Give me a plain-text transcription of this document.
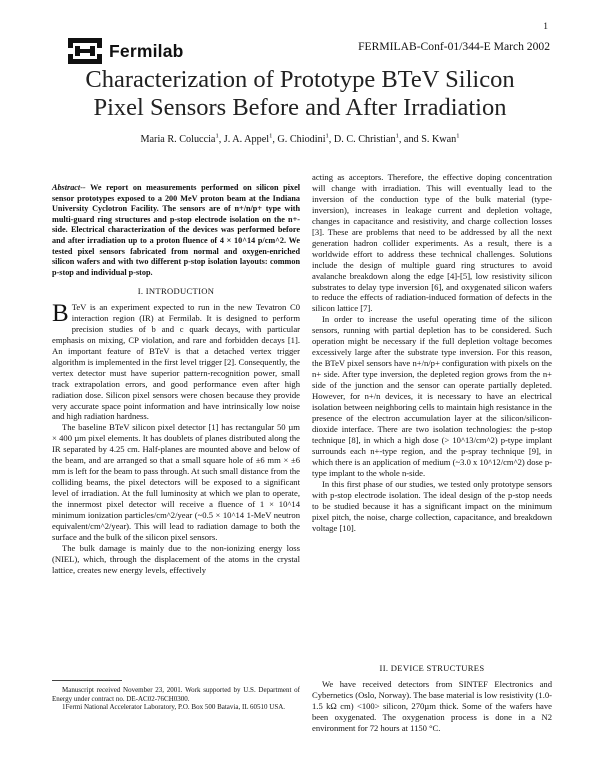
1
Fermilab	FERMILAB-Conf-01/344-E March 2002
Characterization of Prototype BTeV Silicon
Pixel Sensors Before and After Irradiation
Maria R. Coluccia$^1$, J. A. Appel$^1$, G. Chiodini$^1$, D. C. Christian$^1$, and S. Kwan$^1$

Abstract-- We report on measurements performed on silicon pixel sensor prototypes exposed to a 200 MeV proton beam at the Indiana University Cyclotron Facility. The sensors are of n+/n/p+ type with multi-guard ring structures and p-stop electrode isolation on the n+-side. Electrical characterization of the devices was performed before and after irradiation up to a proton fluence of 4 × 10^14 p/cm^2. We tested pixel sensors fabricated from normal and oxygen-enriched silicon wafers and with two different p-stop isolation layouts: common p-stop and individual p-stop.

I. INTRODUCTION

B TeV is an experiment expected to run in the new Tevatron C0 interaction region (IR) at Fermilab. It is designed to perform precision studies of b and c quark decays, with particular emphasis on mixing, CP violation, and rare and forbidden decays [1]. An important feature of BTeV is that a detached vertex trigger algorithm is implemented in the first level trigger [2]. Consequently, the vertex detector must have superior pattern-recognition power, small track extrapolation errors, and good performance even after high radiation dose. Silicon pixel sensors were chosen because they provide very accurate space point information and have intrinsically low noise and high radiation hardness.

The baseline BTeV silicon pixel detector [1] has rectangular 50 µm × 400 µm pixel elements. It has doublets of planes distributed along the IR separated by 4.25 cm. Half-planes are mounted above and below of the beam, and are arranged so that a small square hole of ±6 mm × ±6 mm is left for the beam to pass through. At such small distance from the colliding beams, the pixel detectors will be exposed to a significant level of irradiation. At the full luminosity at which we plan to operate, the innermost pixel detector will receive a fluence of 1 × 10^14 minimum ionization particles/cm^2/year (~0.5 × 10^14 1-MeV neutron equivalent/cm^2/year). This will lead to radiation damage to both the surface and the bulk of the silicon pixel sensors.

The bulk damage is mainly due to the non-ionizing energy loss (NIEL), which, through the displacement of the atoms in the crystal lattice, creates new energy levels, effectively

Manuscript received November 23, 2001. Work supported by U.S. Department of Energy under contract no. DE-AC02-76CH0300.

1Fermi National Accelerator Laboratory, P.O. Box 500 Batavia, IL 60510 USA.

acting as acceptors. Therefore, the effective doping concentration will change with irradiation. This will eventually lead to the inversion of the conduction type of the bulk material (type-inversion), increases in leakage current and depletion voltage, changes in capacitance and resistivity, and charge collection losses [3]. These are problems that need to be addressed by all the next generation hadron collider experiments. As a result, there is a worldwide effort to address these technical challenges. Solutions include the design of multiple guard ring structures to avoid avalanche breakdown along the edge [4]-[5], low resistivity silicon substrates to delay type inversion [6], and oxygenated silicon wafers to reduce the effects of radiation-induced formation of defects in the silicon lattice [7].

In order to increase the useful operating time of the silicon sensors, running with partial depletion has to be considered. Such operation might be necessary if the full depletion voltage becomes excessively large after the substrate type inversion. For this reason, the BTeV pixel sensors have n+/n/p+ configuration with pixels on the n+ side. After type inversion, the depleted region grows from the n+ side of the junction and the sensor can operate partially depleted. However, for n+/n devices, it is necessary to have an electrical isolation between neighboring cells to maintain high resistance in the presence of the electron accumulation layer at the silicon/silicon-dioxide interface. There are two isolation technologies: the p-stop technique [8], in which a high dose (> 10^13/cm^2) p-type implant surrounds each n+-type region, and the p-spray technique [9], in which there is an application of medium (~3.0 x 10^12/cm^2) dose p-type implant to the whole n-side.

In this first phase of our studies, we tested only prototype sensors with p-stop electrode isolation. The ideal design of the p-stop needs to be studied because it has a significant impact on the minimum pixel pitch, the noise, charge collection, capacitance, and breakdown voltage [10].

II. DEVICE STRUCTURES

We have received detectors from SINTEF Electronics and Cybernetics (Oslo, Norway). The base material is low resistivity (1.0-1.5 kΩ cm) <100> silicon, 270µm thick. Some of the wafers have been oxygenated. The oxygenation process is done in a N2 environment for 72 hours at 1150 °C.
